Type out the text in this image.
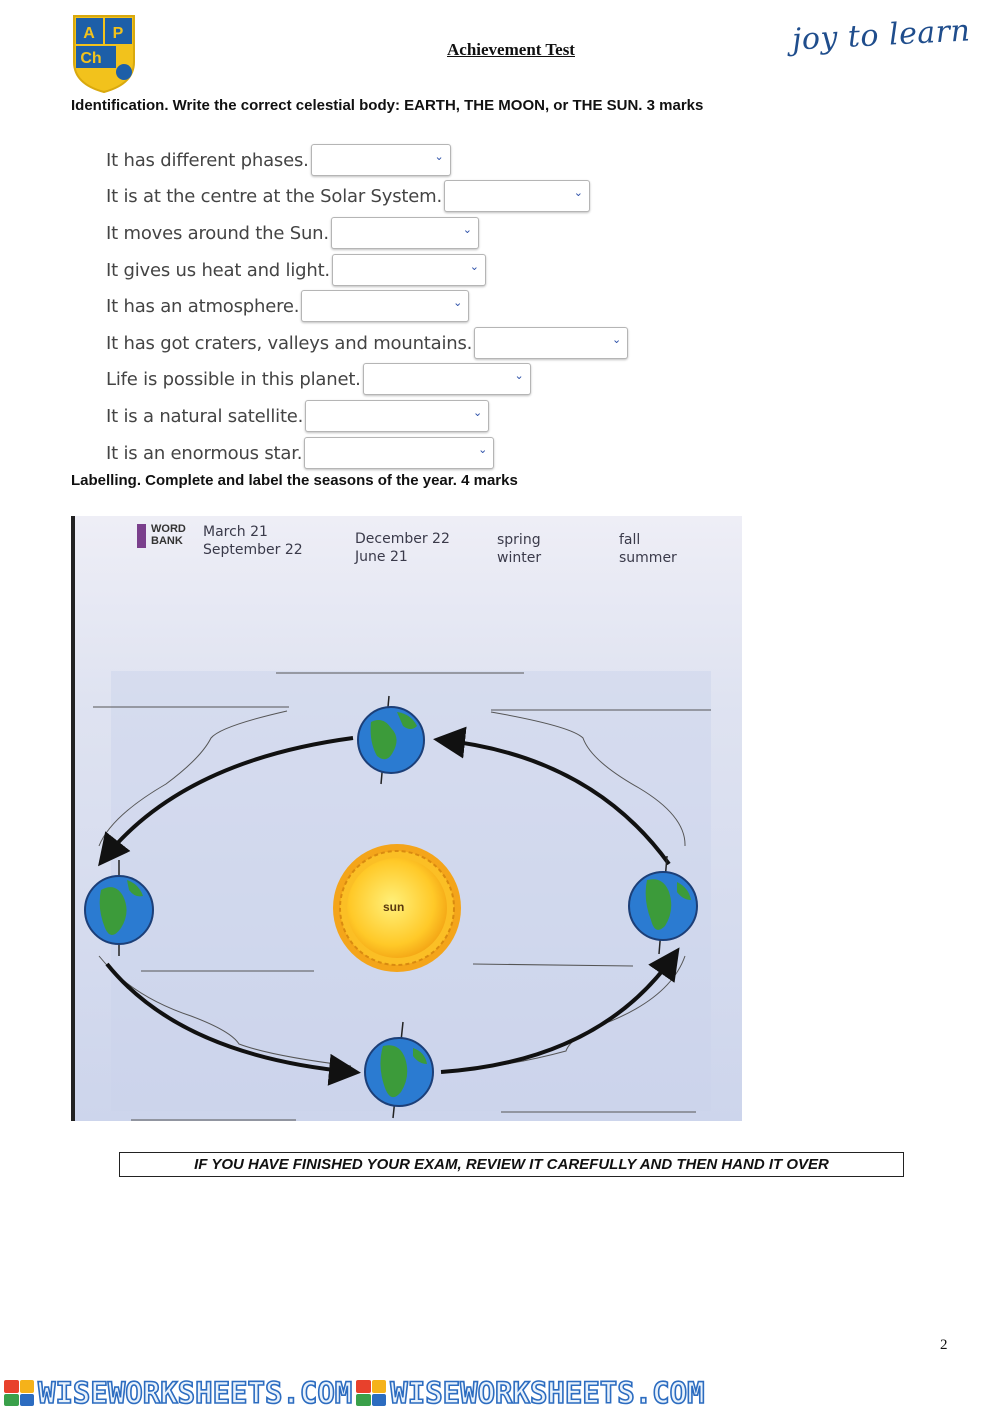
A P
Ch	Achievement Test	joy to learn
Identification. Write the correct celestial body: EARTH, THE MOON, or THE SUN. 3 marks
It has different phases.	⌄
It is at the centre at the Solar System.	⌄
It moves around the Sun.	⌄
It gives us heat and light.	⌄
It has an atmosphere.	⌄
It has got craters, valleys and mountains.	⌄
Life is possible in this planet.	⌄
It is a natural satellite.	⌄
It is an enormous star.	⌄
Labelling. Complete and label the seasons of the year. 4 marks
WORD
BANK
March 21
September 22
December 22
June 21
spring
winter
fall
summer
sun
IF YOU HAVE FINISHED YOUR EXAM, REVIEW IT CAREFULLY AND THEN HAND IT OVER
2
WISEWORKSHEETS.COM WISEWORKSHEETS.COM
